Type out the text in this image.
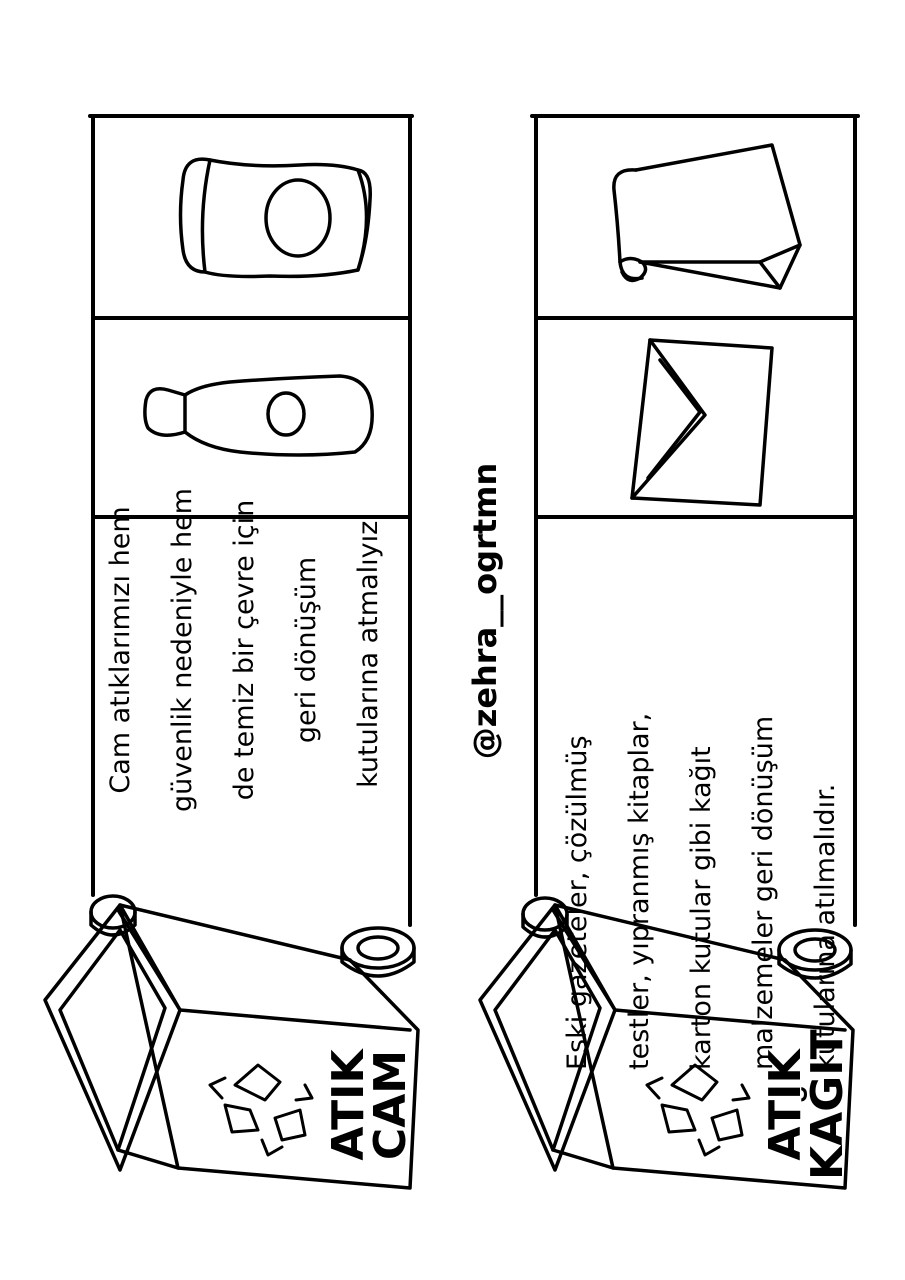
Cam atıklarımızı hem	güvenlik nedeniyle hem	de temiz bir çevre için	geri dönüşüm	kutularına atmalıyız.
Eski gazeteler, çözülmüş	testler, yıpranmış kitaplar,	karton kutular gibi kağıt	malzemeler geri dönüşüm	kutularına atılmalıdır.
@zehra__ogrtmn
ATIK
CAM	ATIK
KAĞIT
